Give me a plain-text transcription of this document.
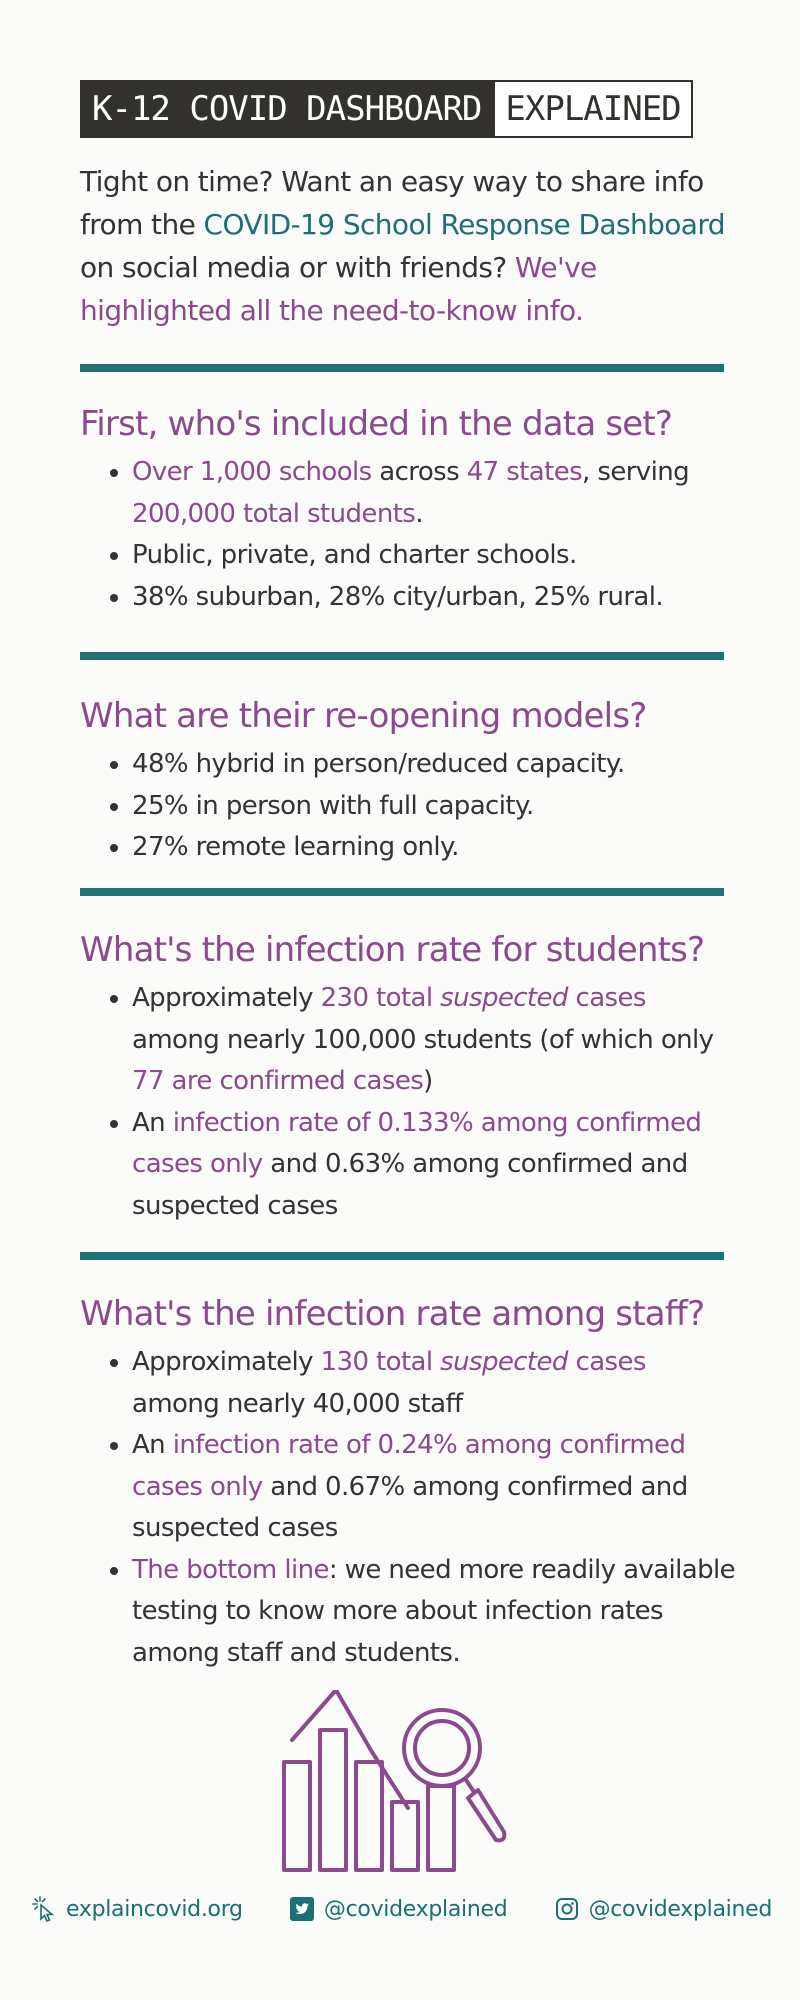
K-12 COVID DASHBOARD EXPLAINED
Tight on time? Want an easy way to share info from the COVID-19 School Response Dashboard on social media or with friends? We've highlighted all the need-to-know info.
First, who's included in the data set?
• Over 1,000 schools across 47 states, serving 200,000 total students.
• Public, private, and charter schools.
• 38% suburban, 28% city/urban, 25% rural.
What are their re-opening models?
• 48% hybrid in person/reduced capacity.
• 25% in person with full capacity.
• 27% remote learning only.
What's the infection rate for students?
• Approximately 230 total suspected cases among nearly 100,000 students (of which only 77 are confirmed cases)
• An infection rate of 0.133% among confirmed cases only and 0.63% among confirmed and suspected cases
What's the infection rate among staff?
• Approximately 130 total suspected cases among nearly 40,000 staff
• An infection rate of 0.24% among confirmed cases only and 0.67% among confirmed and suspected cases
• The bottom line: we need more readily available testing to know more about infection rates among staff and students.
explaincovid.org	@covidexplained	@covidexplained
